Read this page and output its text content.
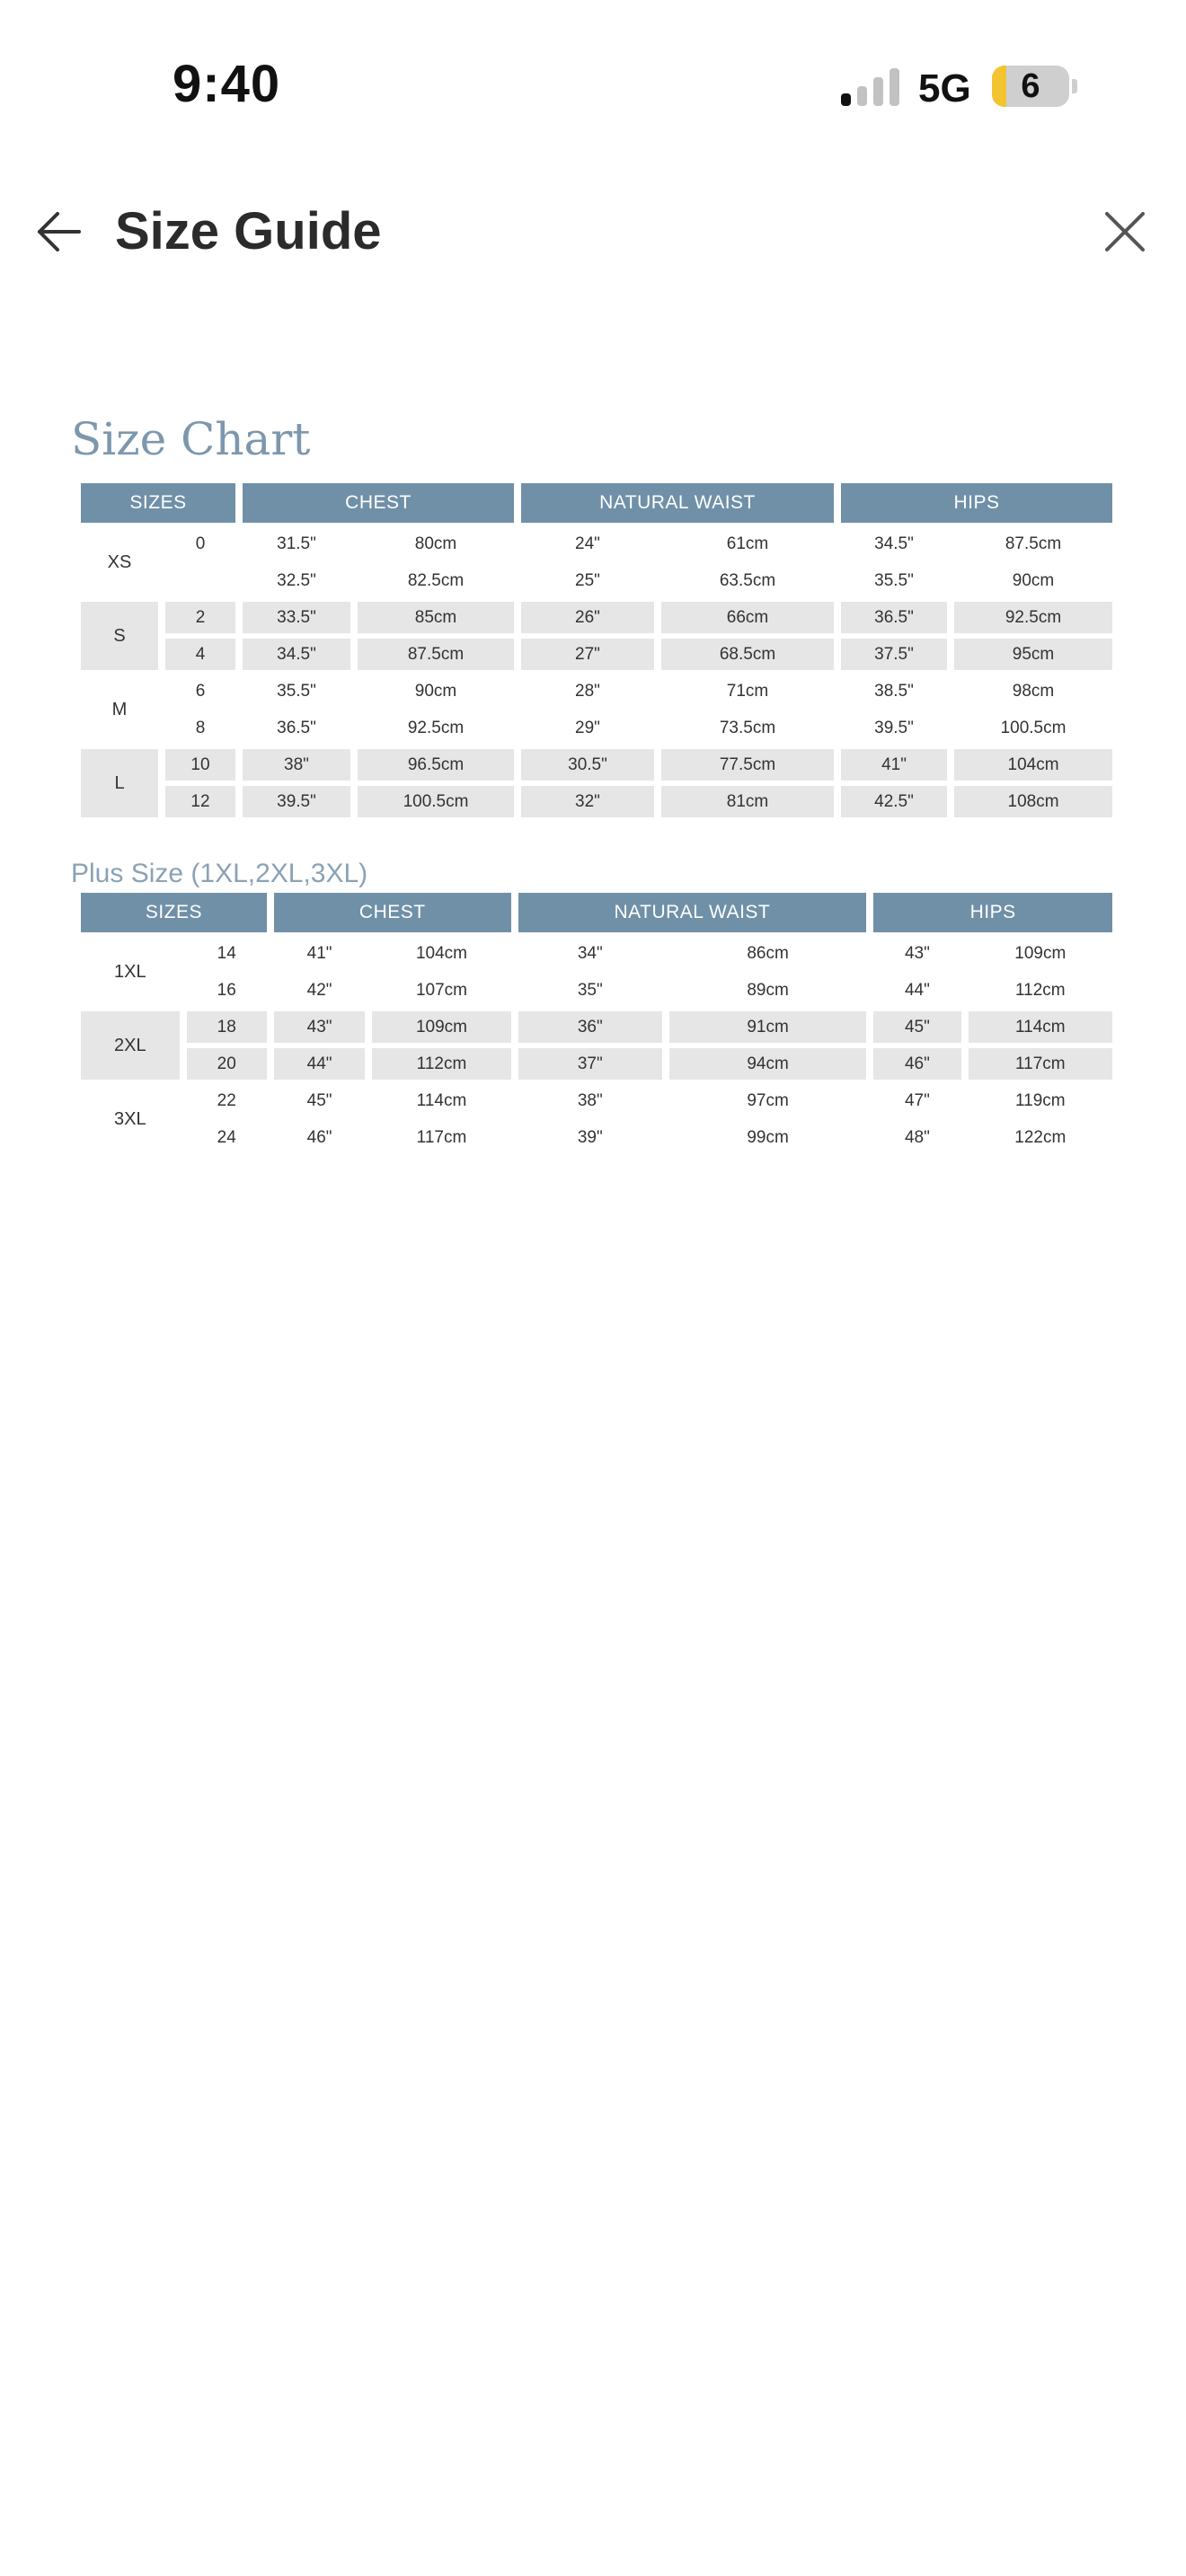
9:40	5G	6
Size Guide
Size Chart
SIZES		CHEST		NATURAL WAIST		HIPS	
XS	0	31.5"	80cm	24"	61cm	34.5"	87.5cm
		32.5"	82.5cm	25"	63.5cm	35.5"	90cm
S	2	33.5"	85cm	26"	66cm	36.5"	92.5cm
	4	34.5"	87.5cm	27"	68.5cm	37.5"	95cm
M	6	35.5"	90cm	28"	71cm	38.5"	98cm
	8	36.5"	92.5cm	29"	73.5cm	39.5"	100.5cm
L	10	38"	96.5cm	30.5"	77.5cm	41"	104cm
	12	39.5"	100.5cm	32"	81cm	42.5"	108cm
Plus Size (1XL,2XL,3XL)
SIZES		CHEST		NATURAL WAIST		HIPS	
1XL	14	41"	104cm	34"	86cm	43"	109cm
	16	42"	107cm	35"	89cm	44"	112cm
2XL	18	43"	109cm	36"	91cm	45"	114cm
	20	44"	112cm	37"	94cm	46"	117cm
3XL	22	45"	114cm	38"	97cm	47"	119cm
	24	46"	117cm	39"	99cm	48"	122cm
